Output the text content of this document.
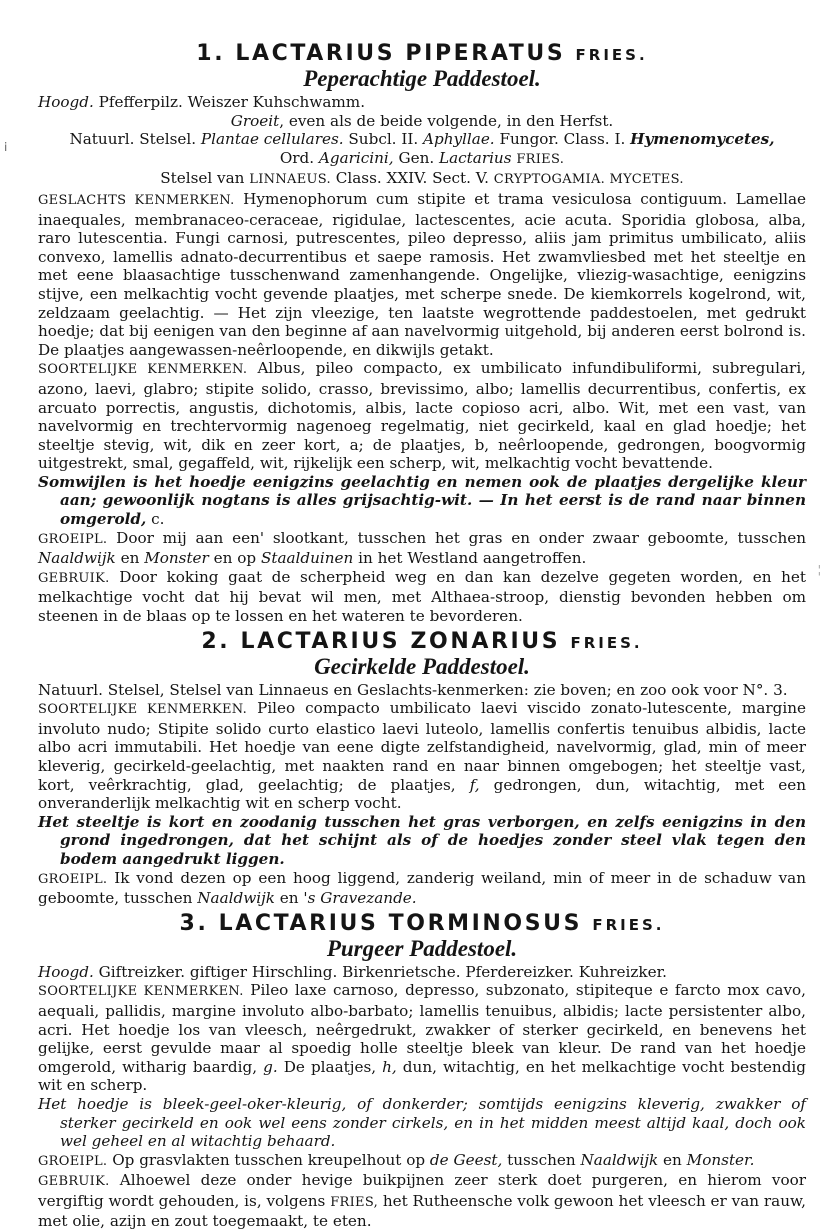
ⅰ
¦
1. LACTARIUS PIPERATUS FRIES.
Peperachtige Paddestoel.

Hoogd. Pfefferpilz. Weiszer Kuhschwamm.

Groeit, even als de beide volgende, in den Herfst.

Natuurl. Stelsel. Plantae cellulares. Subcl. II. Aphyllae. Fungor. Class. I. Hymenomycetes,
Ord. Agaricini, Gen. Lactarius FRIES.

Stelsel van LINNAEUS. Class. XXIV. Sect. V. CRYPTOGAMIA. MYCETES.

GESLACHTS KENMERKEN. Hymenophorum cum stipite et trama vesiculosa contiguum. Lamellae inaequales, membranaceo-ceraceae, rigidulae, lactescentes, acie acuta. Sporidia globosa, alba, raro lutescentia. Fungi carnosi, putrescentes, pileo depresso, aliis jam primitus umbilicato, aliis convexo, lamellis adnato-decurrentibus et saepe ramosis. Het zwamvliesbed met het steeltje en met eene blaasachtige tusschenwand zamenhangende. Ongelijke, vliezig-wasachtige, eenigzins stijve, een melkachtig vocht gevende plaatjes, met scherpe snede. De kiemkorrels kogelrond, wit, zeldzaam geelachtig. — Het zijn vleezige, ten laatste wegrottende paddestoelen, met gedrukt hoedje; dat bij eenigen van den beginne af aan navelvormig uitgehold, bij anderen eerst bolrond is. De plaatjes aangewassen-neêrloopende, en dikwijls getakt.

SOORTELIJKE KENMERKEN. Albus, pileo compacto, ex umbilicato infundibuliformi, subregulari, azono, laevi, glabro; stipite solido, crasso, brevissimo, albo; lamellis decurrentibus, confertis, ex arcuato porrectis, angustis, dichotomis, albis, lacte copioso acri, albo. Wit, met een vast, van navelvormig en trechtervormig nagenoeg regelmatig, niet gecirkeld, kaal en glad hoedje; het steeltje stevig, wit, dik en zeer kort, a; de plaatjes, b, neêrloopende, gedrongen, boogvormig uitgestrekt, smal, gegaffeld, wit, rijkelijk een scherp, wit, melkachtig vocht bevattende.

Somwijlen is het hoedje eenigzins geelachtig en nemen ook de plaatjes dergelijke kleur aan; gewoonlijk nogtans is alles grijsachtig-wit. — In het eerst is de rand naar binnen omgerold, c.

GROEIPL. Door mij aan een' slootkant, tusschen het gras en onder zwaar geboomte, tusschen Naaldwijk en Monster en op Staalduinen in het Westland aangetroffen.

GEBRUIK. Door koking gaat de scherpheid weg en dan kan dezelve gegeten worden, en het melkachtige vocht dat hij bevat wil men, met Althaea-stroop, dienstig bevonden hebben om steenen in de blaas op te lossen en het wateren te bevorderen.

2. LACTARIUS ZONARIUS FRIES.
Gecirkelde Paddestoel.

Natuurl. Stelsel, Stelsel van Linnaeus en Geslachts-kenmerken: zie boven; en zoo ook voor N°. 3.

SOORTELIJKE KENMERKEN. Pileo compacto umbilicato laevi viscido zonato-lutescente, margine involuto nudo; Stipite solido curto elastico laevi luteolo, lamellis confertis tenuibus albidis, lacte albo acri immutabili. Het hoedje van eene digte zelfstandigheid, navelvormig, glad, min of meer kleverig, gecirkeld-geelachtig, met naakten rand en naar binnen omgebogen; het steeltje vast, kort, veêrkrachtig, glad, geelachtig; de plaatjes, f, gedrongen, dun, witachtig, met een onveranderlijk melkachtig wit en scherp vocht.

Het steeltje is kort en zoodanig tusschen het gras verborgen, en zelfs eenigzins in den grond ingedrongen, dat het schijnt als of de hoedjes zonder steel vlak tegen den bodem aangedrukt liggen.

GROEIPL. Ik vond dezen op een hoog liggend, zanderig weiland, min of meer in de schaduw van geboomte, tusschen Naaldwijk en 's Gravezande.

3. LACTARIUS TORMINOSUS FRIES.
Purgeer Paddestoel.

Hoogd. Giftreizker. giftiger Hirschling. Birkenrietsche. Pferdereizker. Kuhreizker.

SOORTELIJKE KENMERKEN. Pileo laxe carnoso, depresso, subzonato, stipiteque e farcto mox cavo, aequali, pallidis, margine involuto albo-barbato; lamellis tenuibus, albidis; lacte persistenter albo, acri. Het hoedje los van vleesch, neêrgedrukt, zwakker of sterker gecirkeld, en benevens het gelijke, eerst gevulde maar al spoedig holle steeltje bleek van kleur. De rand van het hoedje omgerold, witharig baardig, g. De plaatjes, h, dun, witachtig, en het melkachtige vocht bestendig wit en scherp.

Het hoedje is bleek-geel-oker-kleurig, of donkerder; somtijds eenigzins kleverig, zwakker of sterker gecirkeld en ook wel eens zonder cirkels, en in het midden meest altijd kaal, doch ook wel geheel en al witachtig behaard.

GROEIPL. Op grasvlakten tusschen kreupelhout op de Geest, tusschen Naaldwijk en Monster.

GEBRUIK. Alhoewel deze onder hevige buikpijnen zeer sterk doet purgeren, en hierom voor vergiftig wordt gehouden, is, volgens FRIES, het Rutheensche volk gewoon het vleesch er van rauw, met olie, azijn en zout toegemaakt, te eten.
